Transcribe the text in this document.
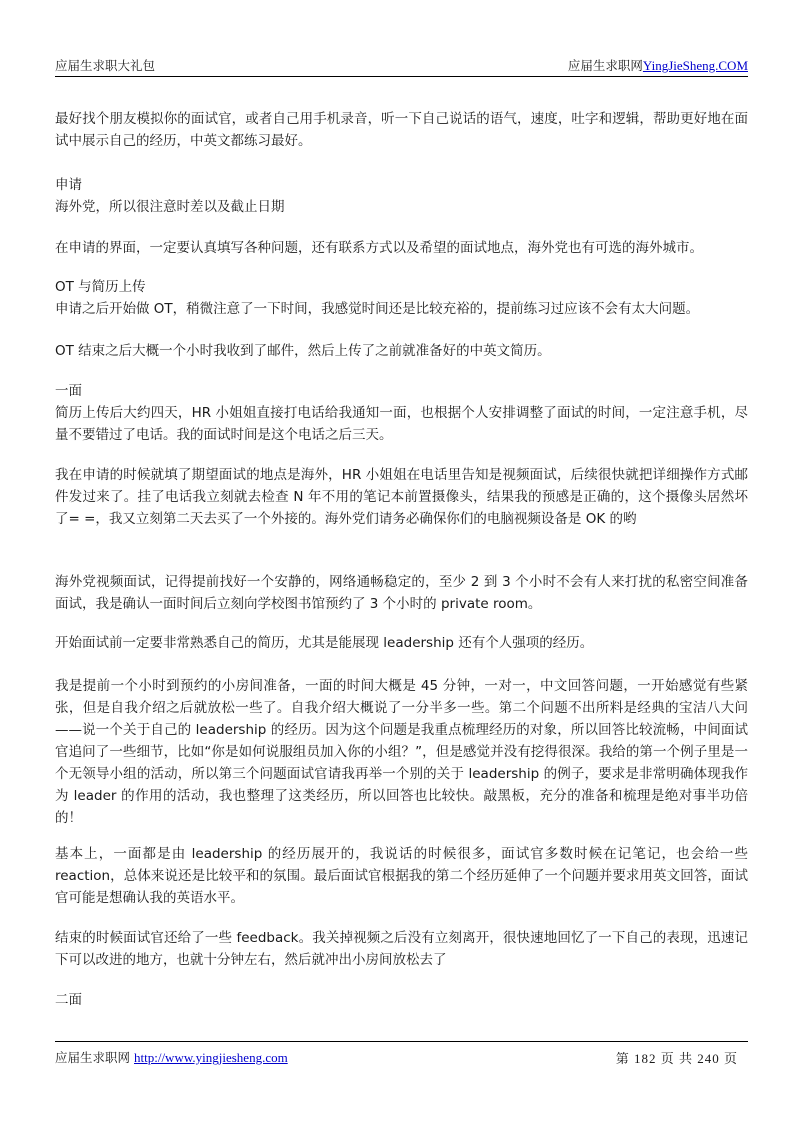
应届生求职大礼包	应届生求职网YingJieSheng.COM

最好找个朋友模拟你的面试官，或者自己用手机录音，听一下自己说话的语气，速度，吐字和逻辑，帮助更好地在面试中展示自己的经历，中英文都练习最好。

申请

海外党，所以很注意时差以及截止日期

在申请的界面，一定要认真填写各种问题，还有联系方式以及希望的面试地点，海外党也有可选的海外城市。

OT 与简历上传

申请之后开始做 OT，稍微注意了一下时间，我感觉时间还是比较充裕的，提前练习过应该不会有太大问题。

OT 结束之后大概一个小时我收到了邮件，然后上传了之前就准备好的中英文简历。

一面

简历上传后大约四天，HR 小姐姐直接打电话给我通知一面，也根据个人安排调整了面试的时间，一定注意手机，尽量不要错过了电话。我的面试时间是这个电话之后三天。

我在申请的时候就填了期望面试的地点是海外，HR 小姐姐在电话里告知是视频面试，后续很快就把详细操作方式邮件发过来了。挂了电话我立刻就去检查 N 年不用的笔记本前置摄像头，结果我的预感是正确的，这个摄像头居然坏了= =，我又立刻第二天去买了一个外接的。海外党们请务必确保你们的电脑视频设备是 OK 的哟

海外党视频面试，记得提前找好一个安静的，网络通畅稳定的，至少 2 到 3 个小时不会有人来打扰的私密空间准备面试，我是确认一面时间后立刻向学校图书馆预约了 3 个小时的 private room。

开始面试前一定要非常熟悉自己的简历，尤其是能展现 leadership 还有个人强项的经历。

我是提前一个小时到预约的小房间准备，一面的时间大概是 45 分钟，一对一，中文回答问题，一开始感觉有些紧张，但是自我介绍之后就放松一些了。自我介绍大概说了一分半多一些。第二个问题不出所料是经典的宝洁八大问——说一个关于自己的 leadership 的经历。因为这个问题是我重点梳理经历的对象，所以回答比较流畅，中间面试官追问了一些细节，比如“你是如何说服组员加入你的小组？”，但是感觉并没有挖得很深。我给的第一个例子里是一个无领导小组的活动，所以第三个问题面试官请我再举一个别的关于 leadership 的例子，要求是非常明确体现我作为 leader 的作用的活动，我也整理了这类经历，所以回答也比较快。敲黑板，充分的准备和梳理是绝对事半功倍的！

基本上，一面都是由 leadership 的经历展开的，我说话的时候很多，面试官多数时候在记笔记，也会给一些 reaction，总体来说还是比较平和的氛围。最后面试官根据我的第二个经历延伸了一个问题并要求用英文回答，面试官可能是想确认我的英语水平。

结束的时候面试官还给了一些 feedback。我关掉视频之后没有立刻离开，很快速地回忆了一下自己的表现，迅速记下可以改进的地方，也就十分钟左右，然后就冲出小房间放松去了

二面

应届生求职网 http://www.yingjiesheng.com	第 182 页 共 240 页
